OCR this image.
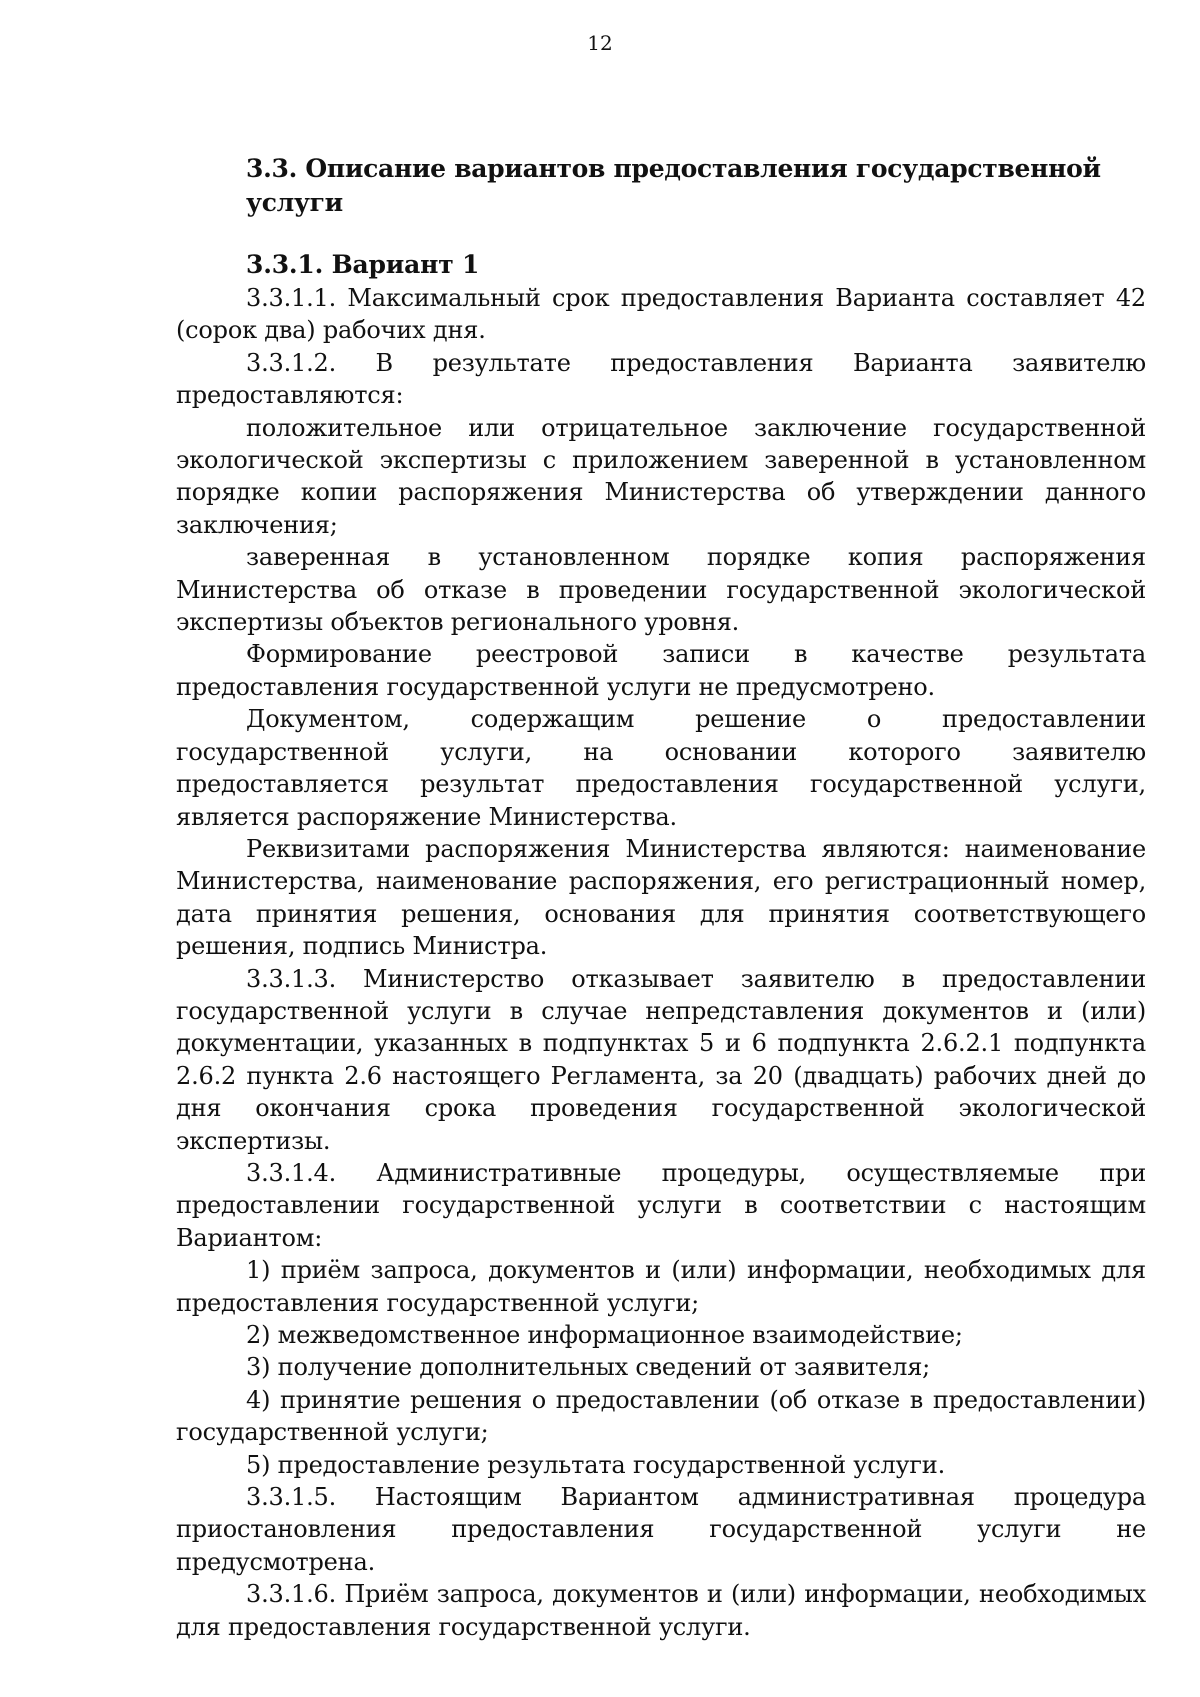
12
3.3. Описание вариантов предоставления государственной услуги
3.3.1. Вариант 1

3.3.1.1. Максимальный срок предоставления Варианта составляет 42 (сорок два) рабочих дня.

3.3.1.2. В результате предоставления Варианта заявителю предоставляются:

положительное или отрицательное заключение государственной экологической экспертизы с приложением заверенной в установленном порядке копии распоряжения Министерства об утверждении данного заключения;

заверенная в установленном порядке копия распоряжения Министерства об отказе в проведении государственной экологической экспертизы объектов регионального уровня.

Формирование реестровой записи в качестве результата предоставления государственной услуги не предусмотрено.

Документом, содержащим решение о предоставлении государственной услуги, на основании которого заявителю предоставляется результат предоставления государственной услуги, является распоряжение Министерства.

Реквизитами распоряжения Министерства являются: наименование Министерства, наименование распоряжения, его регистрационный номер, дата принятия решения, основания для принятия соответствующего решения, подпись Министра.

3.3.1.3. Министерство отказывает заявителю в предоставлении государственной услуги в случае непредставления документов и (или) документации, указанных в подпунктах 5 и 6 подпункта 2.6.2.1 подпункта 2.6.2 пункта 2.6 настоящего Регламента, за 20 (двадцать) рабочих дней до дня окончания срока проведения государственной экологической экспертизы.

3.3.1.4. Административные процедуры, осуществляемые при предоставлении государственной услуги в соответствии с настоящим Вариантом:

1) приём запроса, документов и (или) информации, необходимых для предоставления государственной услуги;

2) межведомственное информационное взаимодействие;

3) получение дополнительных сведений от заявителя;

4) принятие решения о предоставлении (об отказе в предоставлении) государственной услуги;

5) предоставление результата государственной услуги.

3.3.1.5. Настоящим Вариантом административная процедура приостановления предоставления государственной услуги не предусмотрена.

3.3.1.6. Приём запроса, документов и (или) информации, необходимых для предоставления государственной услуги.
